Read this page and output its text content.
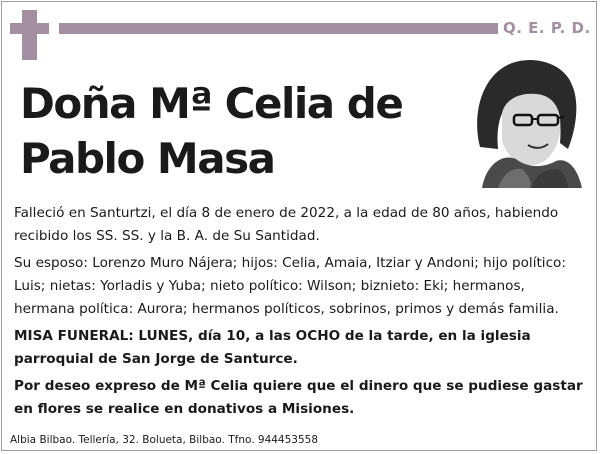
Q. E. P. D.
Doña Mª Celia de Pablo Masa

Falleció en Santurtzi, el día 8 de enero de 2022, a la edad de 80 años, habiendo recibido los SS. SS. y la B. A. de Su Santidad.

Su esposo: Lorenzo Muro Nájera; hijos: Celia, Amaia, Itziar y Andoni; hijo político: Luis; nietas: Yorladis y Yuba; nieto político: Wilson; biznieto: Eki; hermanos, hermana política: Aurora; hermanos políticos, sobrinos, primos y demás familia.

MISA FUNERAL: LUNES, día 10, a las OCHO de la tarde, en la iglesia parroquial de San Jorge de Santurce.

Por deseo expreso de Mª Celia quiere que el dinero que se pudiese gastar en flores se realice en donativos a Misiones.

Albia Bilbao. Tellería, 32. Bolueta, Bilbao. Tfno. 944453558
